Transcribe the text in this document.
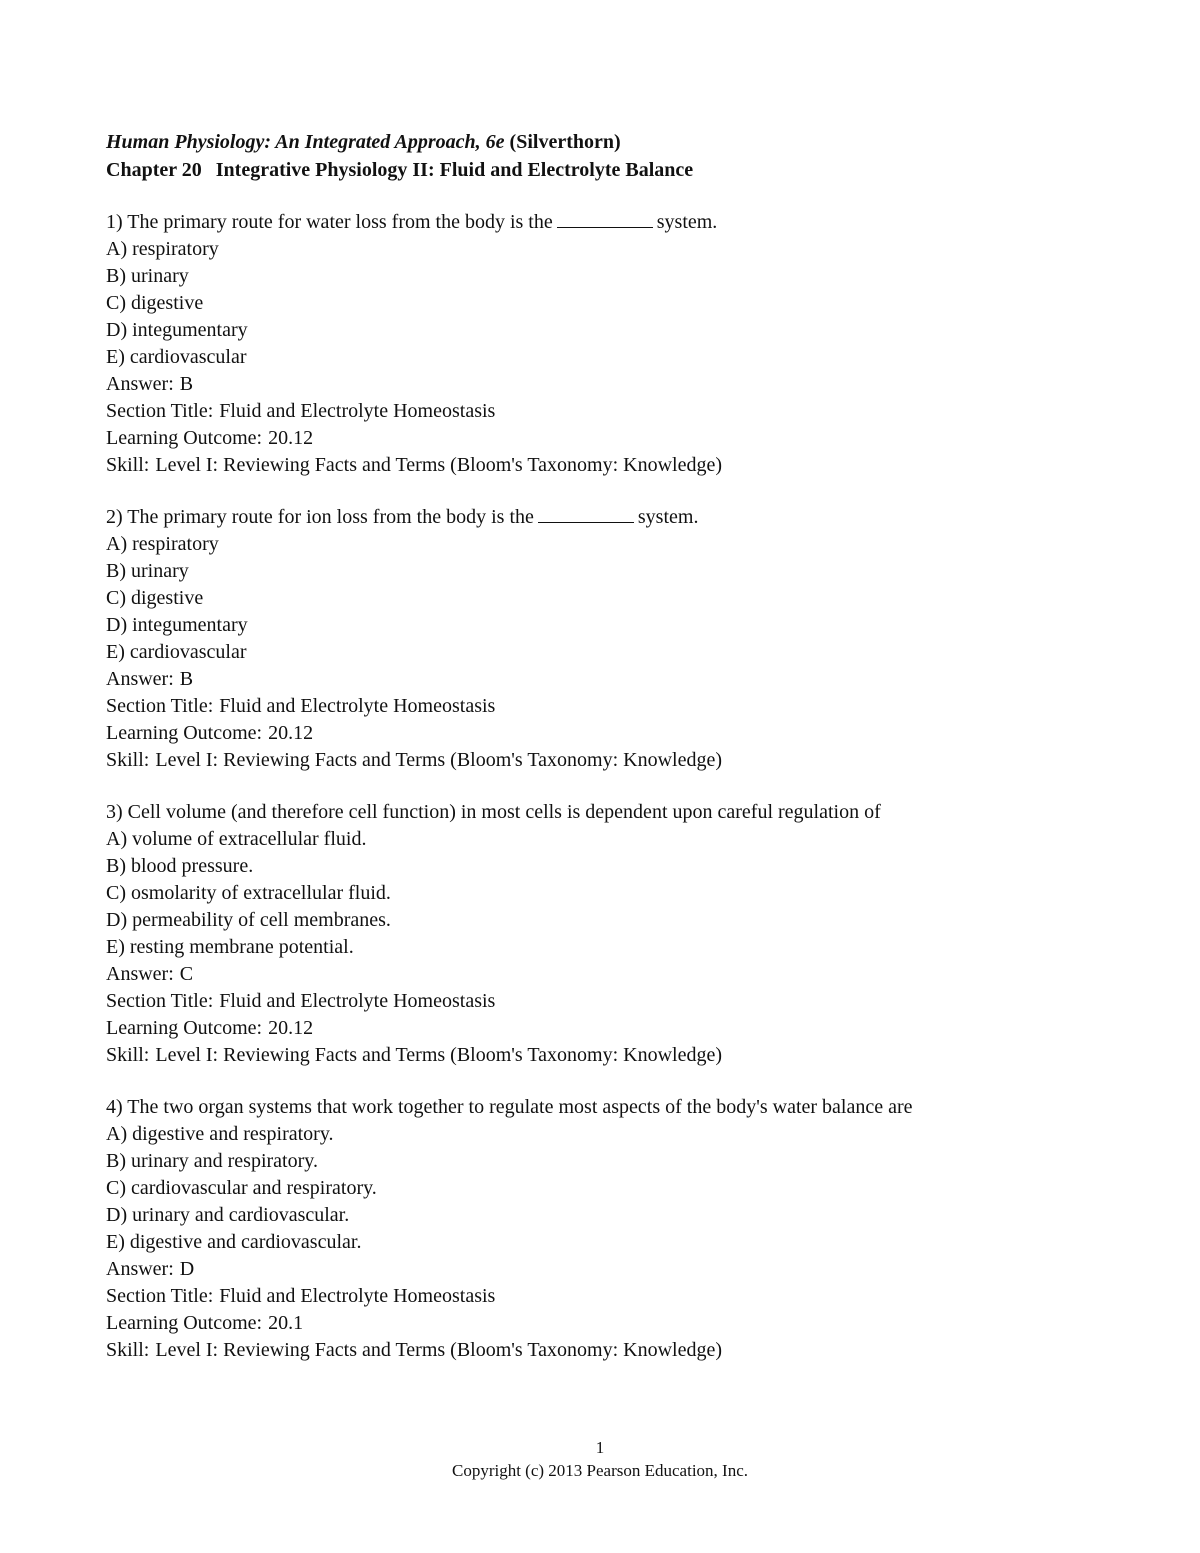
Human Physiology: An Integrated Approach, 6e (Silverthorn)
Chapter 20 Integrative Physiology II: Fluid and Electrolyte Balance
1) The primary route for water loss from the body is the	system.
A) respiratory
B) urinary
C) digestive
D) integumentary
E) cardiovascular
Answer: B
Section Title: Fluid and Electrolyte Homeostasis
Learning Outcome: 20.12
Skill: Level I: Reviewing Facts and Terms (Bloom's Taxonomy: Knowledge)
2) The primary route for ion loss from the body is the	system.
A) respiratory
B) urinary
C) digestive
D) integumentary
E) cardiovascular
Answer: B
Section Title: Fluid and Electrolyte Homeostasis
Learning Outcome: 20.12
Skill: Level I: Reviewing Facts and Terms (Bloom's Taxonomy: Knowledge)
3) Cell volume (and therefore cell function) in most cells is dependent upon careful regulation of
A) volume of extracellular fluid.
B) blood pressure.
C) osmolarity of extracellular fluid.
D) permeability of cell membranes.
E) resting membrane potential.
Answer: C
Section Title: Fluid and Electrolyte Homeostasis
Learning Outcome: 20.12
Skill: Level I: Reviewing Facts and Terms (Bloom's Taxonomy: Knowledge)
4) The two organ systems that work together to regulate most aspects of the body's water balance are
A) digestive and respiratory.
B) urinary and respiratory.
C) cardiovascular and respiratory.
D) urinary and cardiovascular.
E) digestive and cardiovascular.
Answer: D
Section Title: Fluid and Electrolyte Homeostasis
Learning Outcome: 20.1
Skill: Level I: Reviewing Facts and Terms (Bloom's Taxonomy: Knowledge)
1
Copyright (c) 2013 Pearson Education, Inc.
